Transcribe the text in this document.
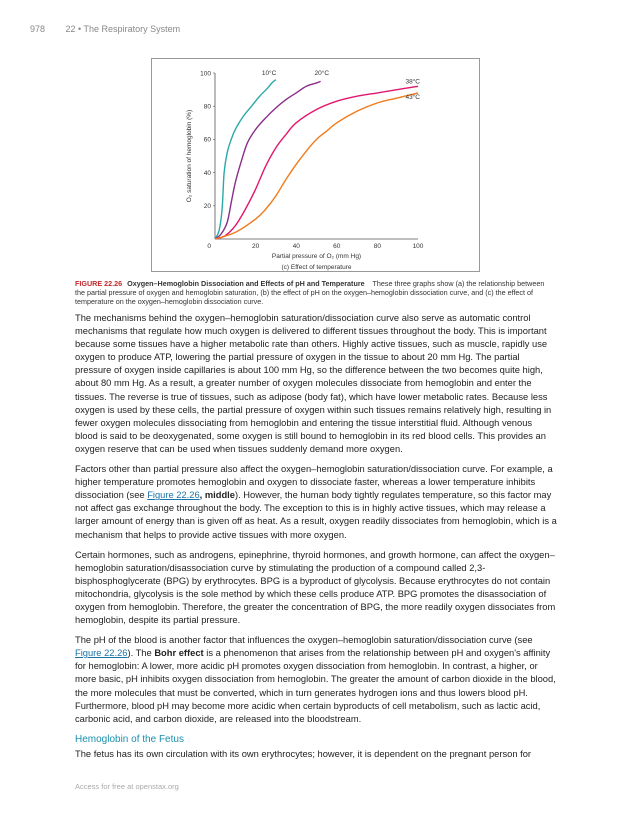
978 22 • The Respiratory System
0	20	40	60	80	100
100
80
60
40
20
Partial pressure of O₂ (mm Hg)
O₂ saturation of hemoglobin (%)
(c) Effect of temperature
10°C	20°C
38°C
43°C
FIGURE 22.26 Oxygen–Hemoglobin Dissociation and Effects of pH and Temperature These three graphs show (a) the relationship between the partial pressure of oxygen and hemoglobin saturation, (b) the effect of pH on the oxygen–hemoglobin dissociation curve, and (c) the effect of temperature on the oxygen–hemoglobin dissociation curve.

The mechanisms behind the oxygen–hemoglobin saturation/dissociation curve also serve as automatic control mechanisms that regulate how much oxygen is delivered to different tissues throughout the body. This is important because some tissues have a higher metabolic rate than others. Highly active tissues, such as muscle, rapidly use oxygen to produce ATP, lowering the partial pressure of oxygen in the tissue to about 20 mm Hg. The partial pressure of oxygen inside capillaries is about 100 mm Hg, so the difference between the two becomes quite high, about 80 mm Hg. As a result, a greater number of oxygen molecules dissociate from hemoglobin and enter the tissues. The reverse is true of tissues, such as adipose (body fat), which have lower metabolic rates. Because less oxygen is used by these cells, the partial pressure of oxygen within such tissues remains relatively high, resulting in fewer oxygen molecules dissociating from hemoglobin and entering the tissue interstitial fluid. Although venous blood is said to be deoxygenated, some oxygen is still bound to hemoglobin in its red blood cells. This provides an oxygen reserve that can be used when tissues suddenly demand more oxygen.

Factors other than partial pressure also affect the oxygen–hemoglobin saturation/dissociation curve. For example, a higher temperature promotes hemoglobin and oxygen to dissociate faster, whereas a lower temperature inhibits dissociation (see Figure 22.26, middle). However, the human body tightly regulates temperature, so this factor may not affect gas exchange throughout the body. The exception to this is in highly active tissues, which may release a larger amount of energy than is given off as heat. As a result, oxygen readily dissociates from hemoglobin, which is a mechanism that helps to provide active tissues with more oxygen.

Certain hormones, such as androgens, epinephrine, thyroid hormones, and growth hormone, can affect the oxygen–hemoglobin saturation/disassociation curve by stimulating the production of a compound called 2,3-bisphosphoglycerate (BPG) by erythrocytes. BPG is a byproduct of glycolysis. Because erythrocytes do not contain mitochondria, glycolysis is the sole method by which these cells produce ATP. BPG promotes the disassociation of oxygen from hemoglobin. Therefore, the greater the concentration of BPG, the more readily oxygen dissociates from hemoglobin, despite its partial pressure.

The pH of the blood is another factor that influences the oxygen–hemoglobin saturation/dissociation curve (see Figure 22.26). The Bohr effect is a phenomenon that arises from the relationship between pH and oxygen's affinity for hemoglobin: A lower, more acidic pH promotes oxygen dissociation from hemoglobin. In contrast, a higher, or more basic, pH inhibits oxygen dissociation from hemoglobin. The greater the amount of carbon dioxide in the blood, the more molecules that must be converted, which in turn generates hydrogen ions and thus lowers blood pH. Furthermore, blood pH may become more acidic when certain byproducts of cell metabolism, such as lactic acid, carbonic acid, and carbon dioxide, are released into the bloodstream.

Hemoglobin of the Fetus

The fetus has its own circulation with its own erythrocytes; however, it is dependent on the pregnant person for

Access for free at openstax.org
